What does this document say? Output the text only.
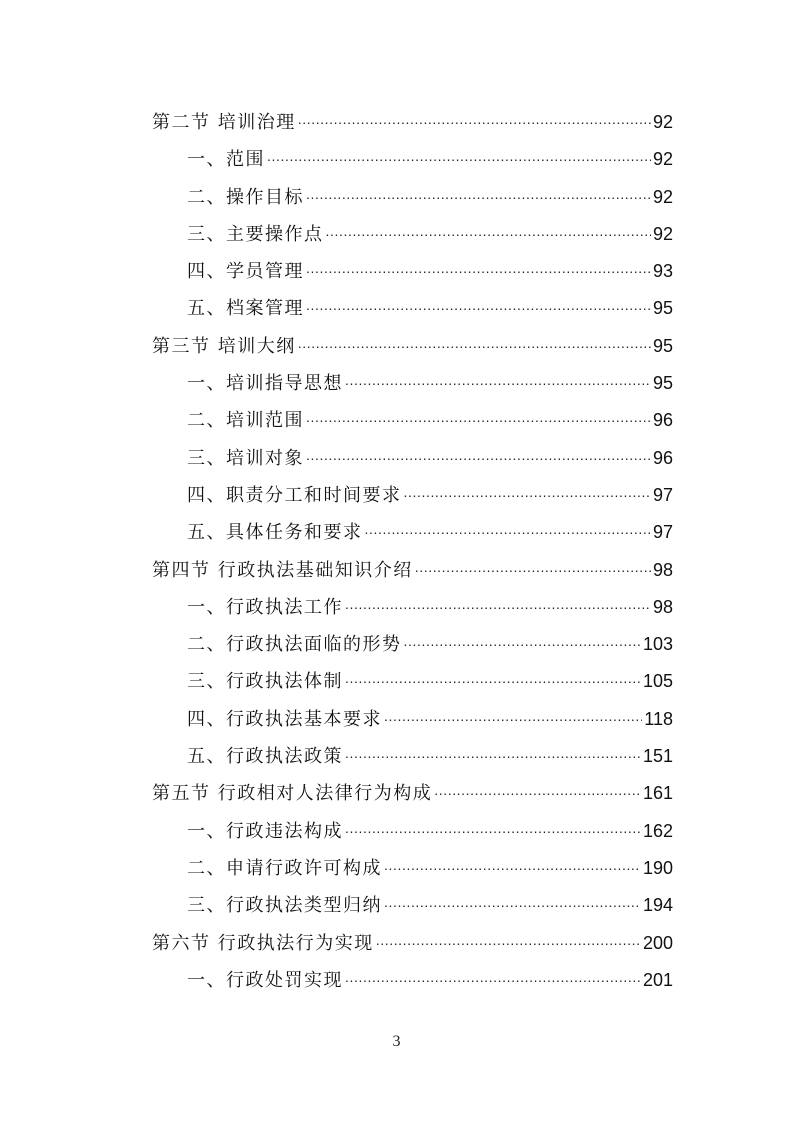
第二节 培训治理 .....	92
一、范围 .....	92
二、操作目标 .....	92
三、主要操作点 .....	92
四、学员管理 .....	93
五、档案管理 .....	95
第三节 培训大纲 .....	95
一、培训指导思想 .....	95
二、培训范围 .....	96
三、培训对象 .....	96
四、职责分工和时间要求 .....	97
五、具体任务和要求 .....	97
第四节 行政执法基础知识介绍 .....	98
一、行政执法工作 .....	98
二、行政执法面临的形势 .....	103
三、行政执法体制 .....	105
四、行政执法基本要求 .....	118
五、行政执法政策 .....	151
第五节 行政相对人法律行为构成 .....	161
一、行政违法构成 .....	162
二、申请行政许可构成 .....	190
三、行政执法类型归纳 .....	194
第六节 行政执法行为实现 .....	200
一、行政处罚实现 .....	201
3
